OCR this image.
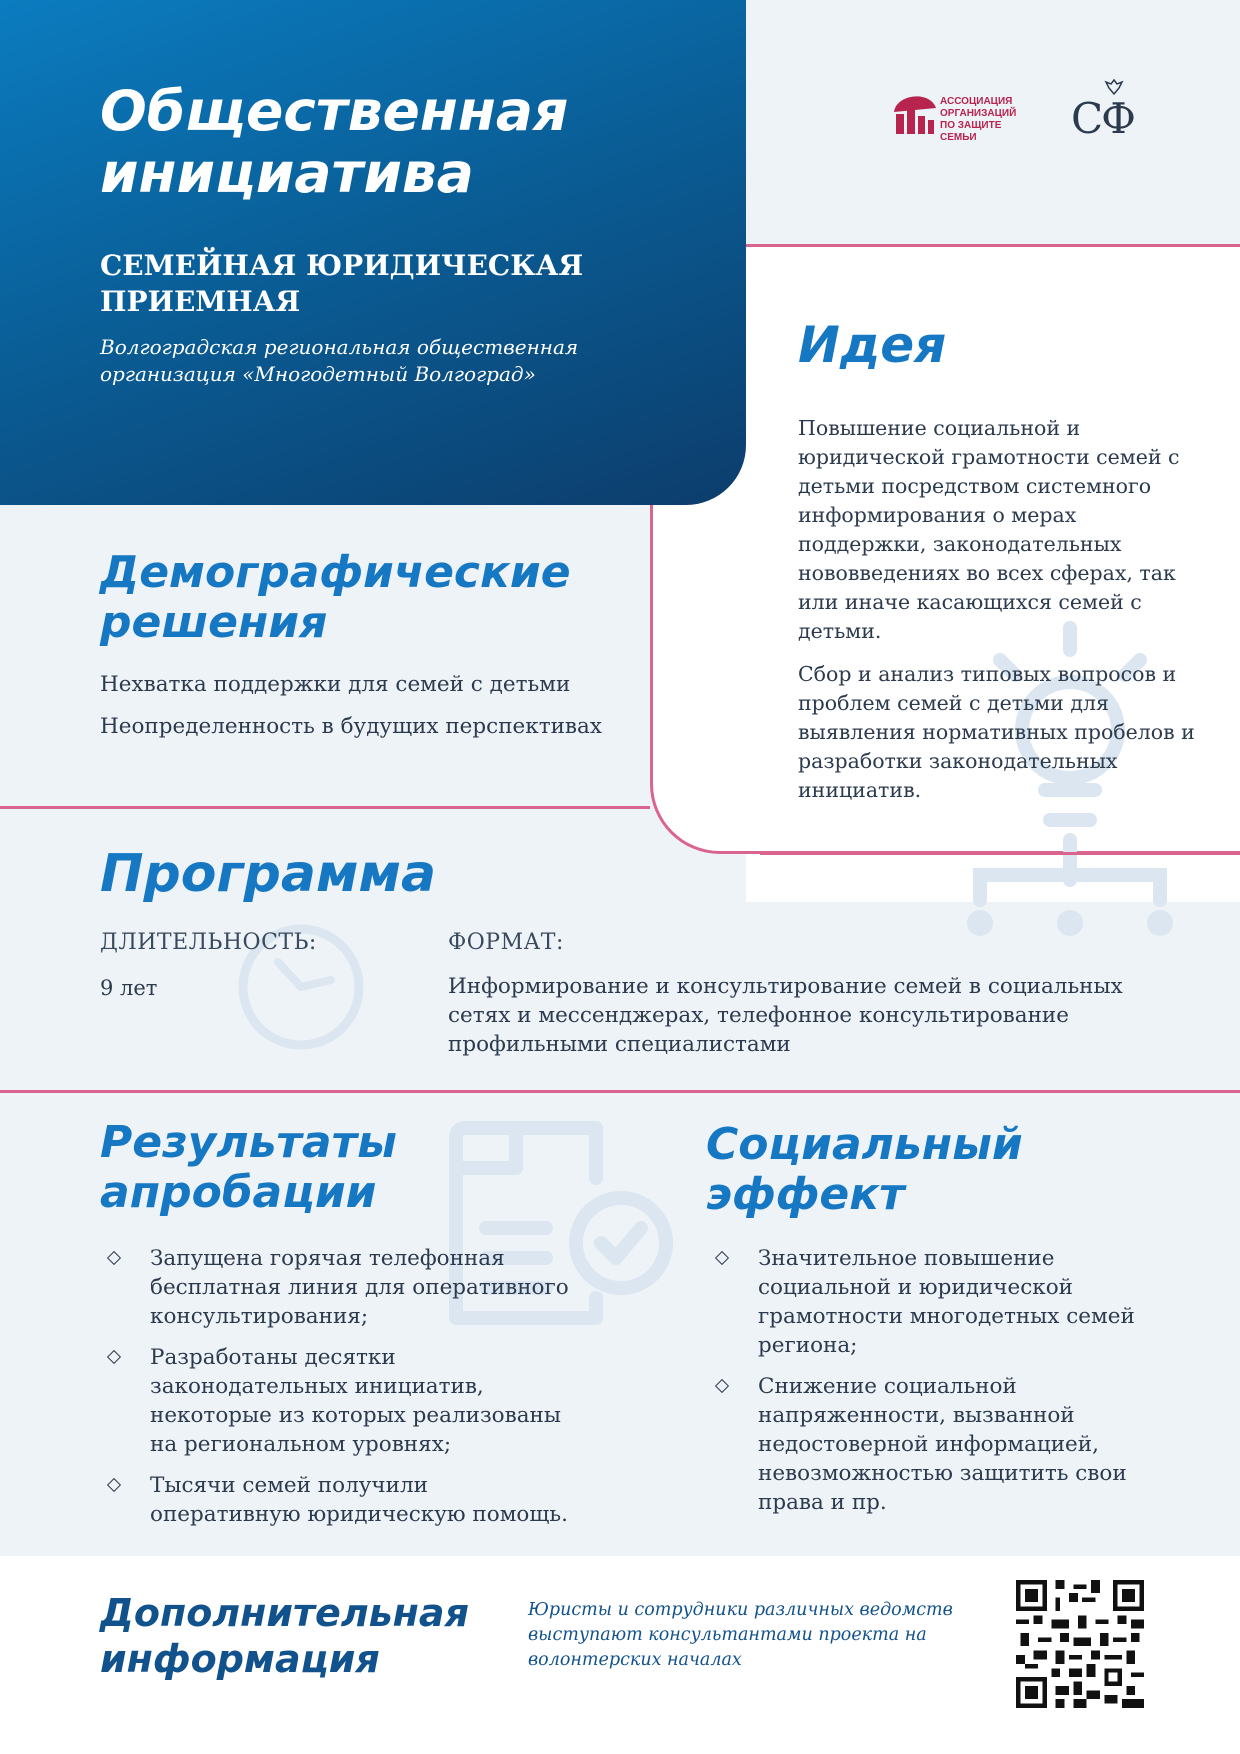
Общественная
инициатива
СЕМЕЙНАЯ ЮРИДИЧЕСКАЯ
ПРИЕМНАЯ
Волгоградская региональная общественная
организация «Многодетный Волгоград»
АССОЦИАЦИЯ
ОРГАНИЗАЦИЙ
ПО ЗАЩИТЕ СЕМЬИ	СФ
Идея

Повышение социальной и юридической грамотности семей с детьми посредством системного информирования о мерах поддержки, законодательных нововведениях во всех сферах, так или иначе касающихся семей с детьми.

Сбор и анализ типовых вопросов и проблем семей с детьми для выявления нормативных пробелов и разработки законодательных инициатив.

Демографические
решения
Нехватка поддержки для семей с детьми
Неопределенность в будущих перспективах
Программа
ДЛИТЕЛЬНОСТЬ:
9 лет
ФОРМАТ:
Информирование и консультирование семей в социальных сетях и мессенджерах, телефонное консультирование профильными специалистами
Результаты
апробации
Запущена горячая телефонная бесплатная линия для оперативного консультирования;
Разработаны десятки законодательных инициатив, некоторые из которых реализованы на региональном уровнях;
Тысячи семей получили оперативную юридическую помощь.
Социальный
эффект
Значительное повышение социальной и юридической грамотности многодетных семей региона;
Снижение социальной напряженности, вызванной недостоверной информацией, невозможностью защитить свои права и пр.
Дополнительная
информация
Юристы и сотрудники различных ведомств выступают консультантами проекта на волонтерских началах
